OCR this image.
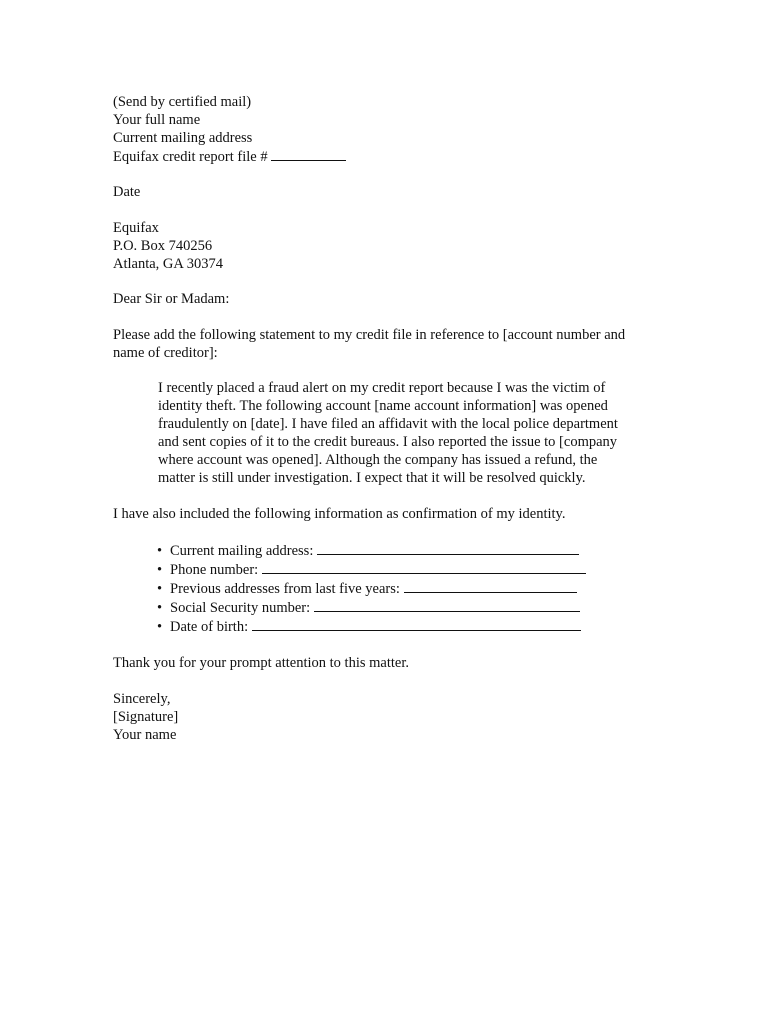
(Send by certified mail)
Your full name
Current mailing address
Equifax credit report file #
Date
Equifax
P.O. Box 740256
Atlanta, GA 30374
Dear Sir or Madam:
Please add the following statement to my credit file in reference to [account number and
name of creditor]:
I recently placed a fraud alert on my credit report because I was the victim of
identity theft. The following account [name account information] was opened
fraudulently on [date]. I have filed an affidavit with the local police department
and sent copies of it to the credit bureaus. I also reported the issue to [company
where account was opened]. Although the company has issued a refund, the
matter is still under investigation. I expect that it will be resolved quickly.
I have also included the following information as confirmation of my identity.
• Current mailing address:
• Phone number:
• Previous addresses from last five years:
• Social Security number:
• Date of birth:
Thank you for your prompt attention to this matter.
Sincerely,
[Signature]
Your name
